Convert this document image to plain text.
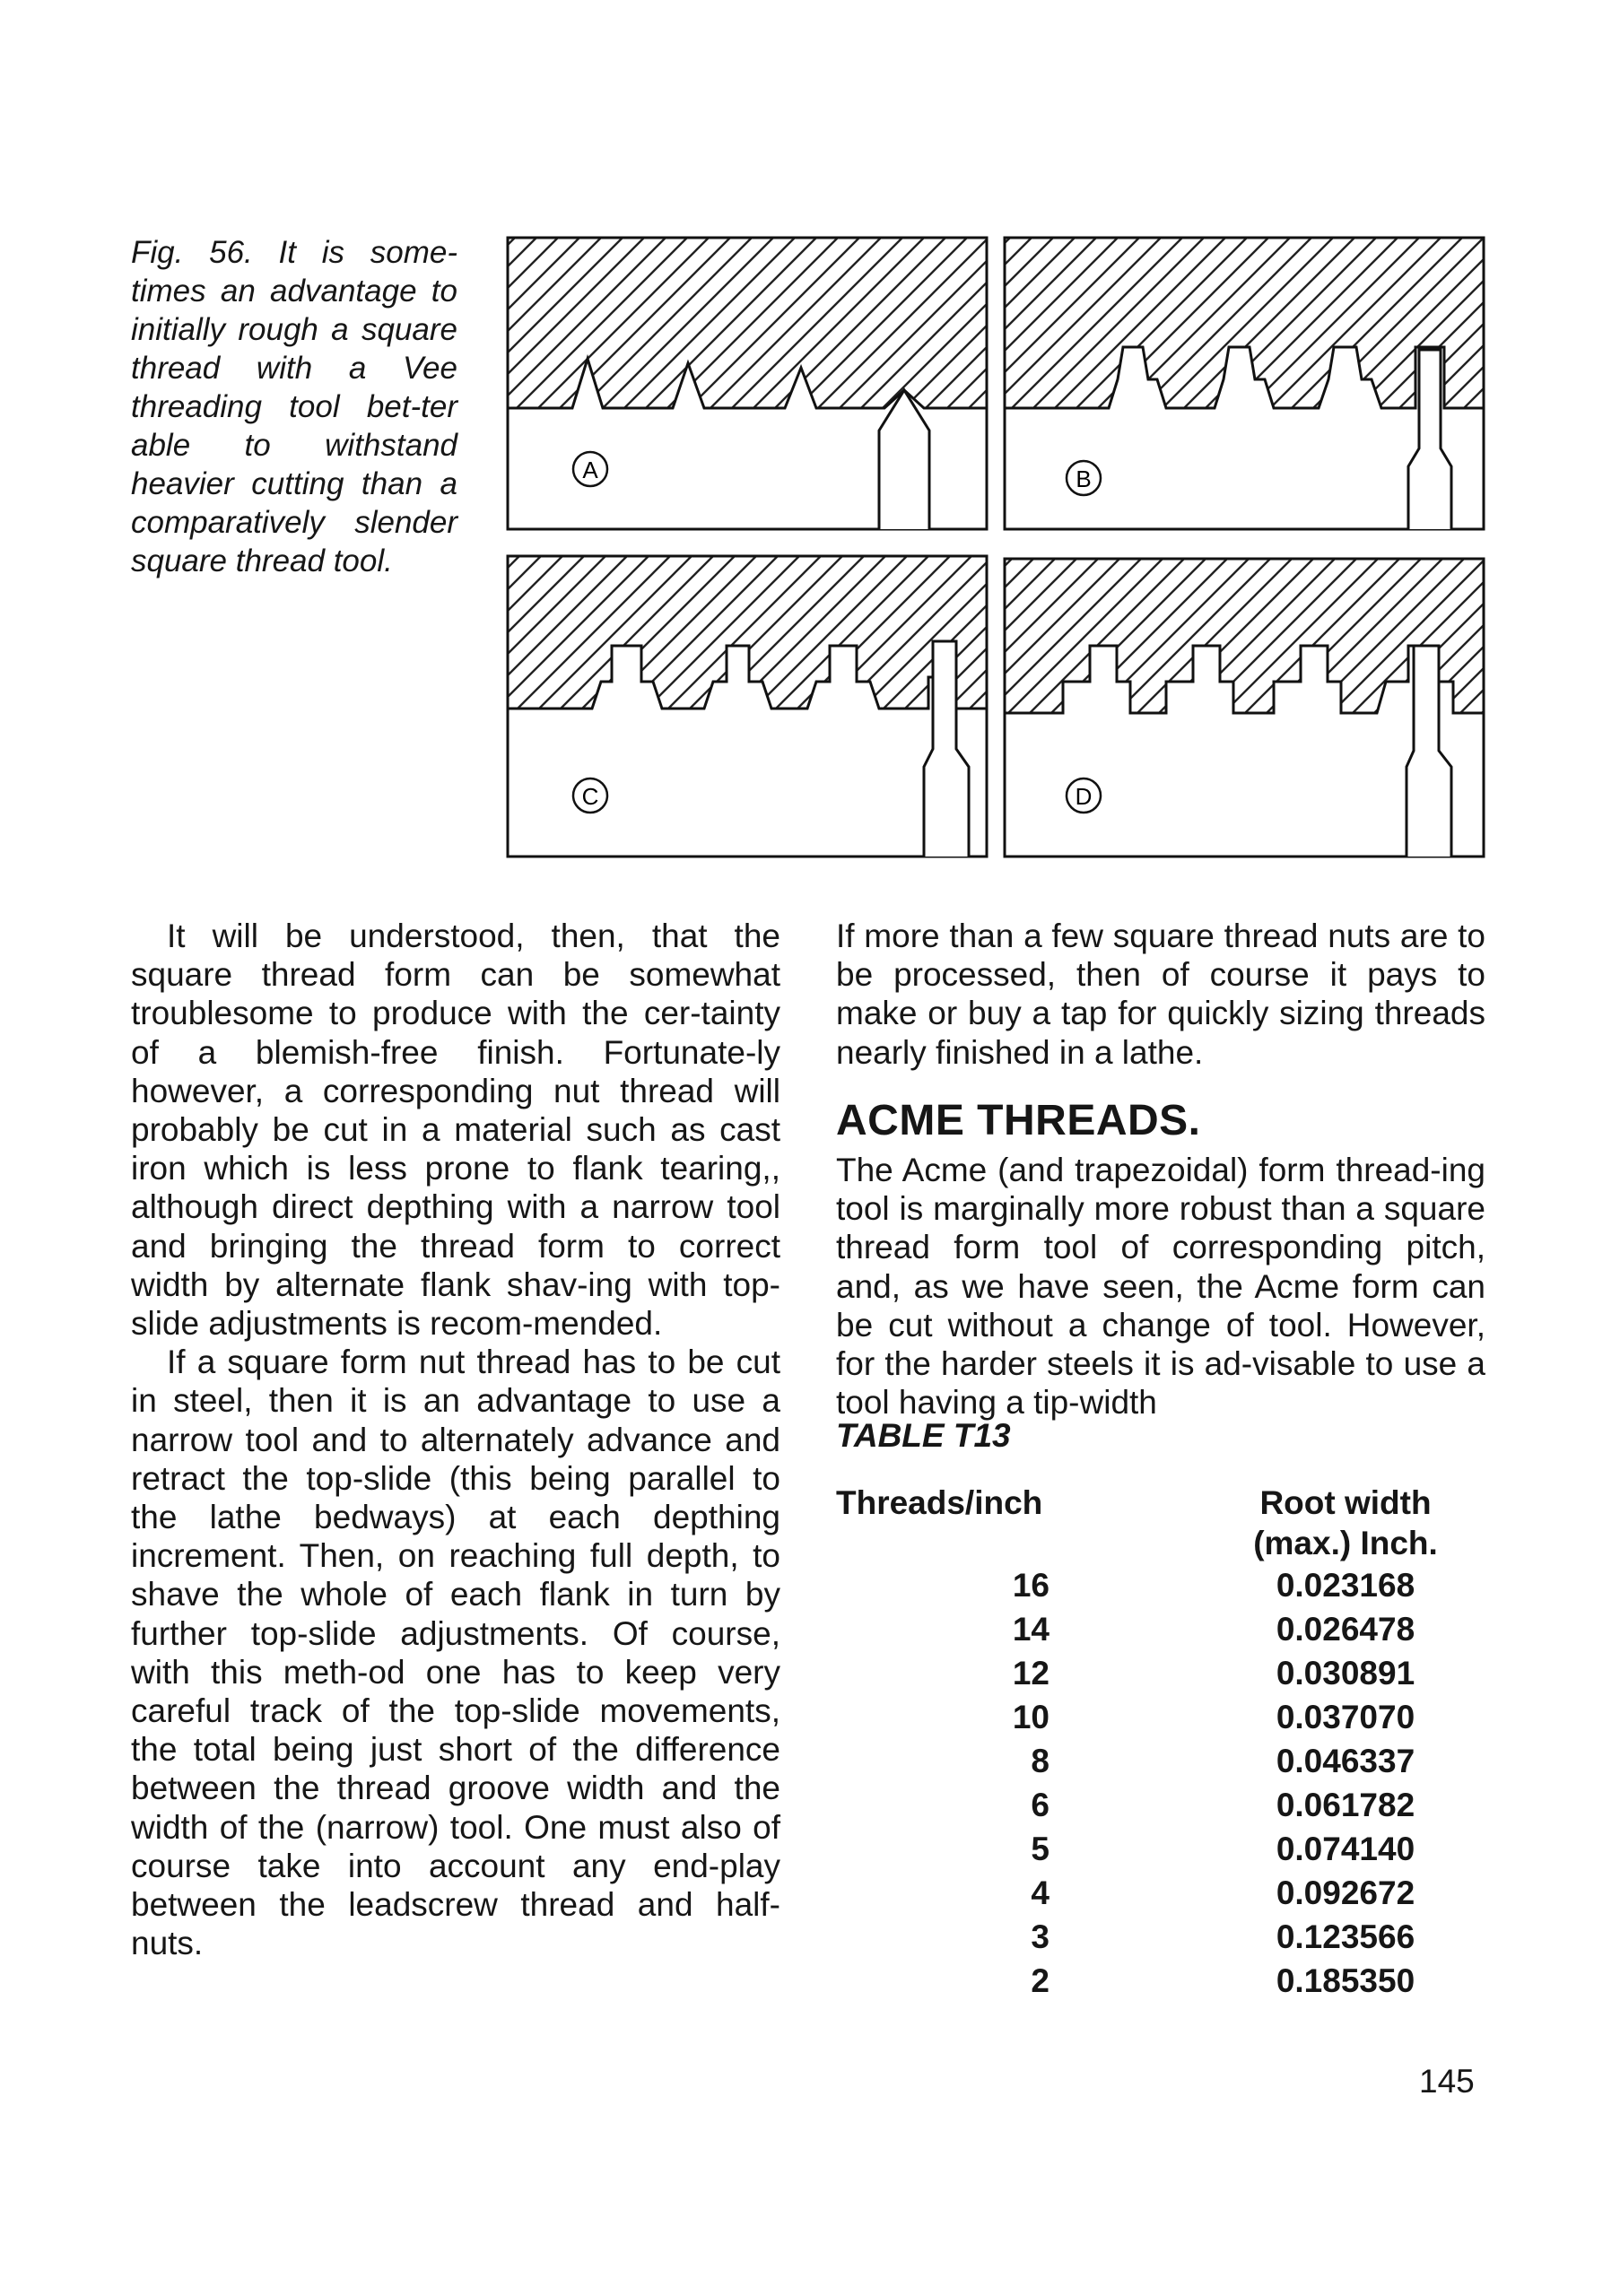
Fig. 56. It is some-times an advantage to initially rough a square thread with a Vee threading tool bet-ter able to withstand heavier cutting than a comparatively slender square thread tool.
A	B
C	D

It will be understood, then, that the square thread form can be somewhat troublesome to produce with the cer-tainty of a blemish-free finish. Fortunate-ly however, a corresponding nut thread will probably be cut in a material such as cast iron which is less prone to flank tearing,, although direct depthing with a narrow tool and bringing the thread form to correct width by alternate flank shav-ing with top-slide adjustments is recom-mended.

If a square form nut thread has to be cut in steel, then it is an advantage to use a narrow tool and to alternately advance and retract the top-slide (this being parallel to the lathe bedways) at each depthing increment. Then, on reaching full depth, to shave the whole of each flank in turn by further top-slide adjustments. Of course, with this meth-od one has to keep very careful track of the top-slide movements, the total being just short of the difference between the thread groove width and the width of the (narrow) tool. One must also of course take into account any end-play between the leadscrew thread and half-nuts.

If more than a few square thread nuts are to be processed, then of course it pays to make or buy a tap for quickly sizing threads nearly finished in a lathe.

ACME THREADS.

The Acme (and trapezoidal) form thread-ing tool is marginally more robust than a square thread form tool of corresponding pitch, and, as we have seen, the Acme form can be cut without a change of tool. However, for the harder steels it is ad-visable to use a tool having a tip-width

TABLE T13
Threads/inch	Root width
(max.) Inch.
16	0.023168
14	0.026478
12	0.030891
10	0.037070
8	0.046337
6	0.061782
5	0.074140
4	0.092672
3	0.123566
2	0.185350
145
